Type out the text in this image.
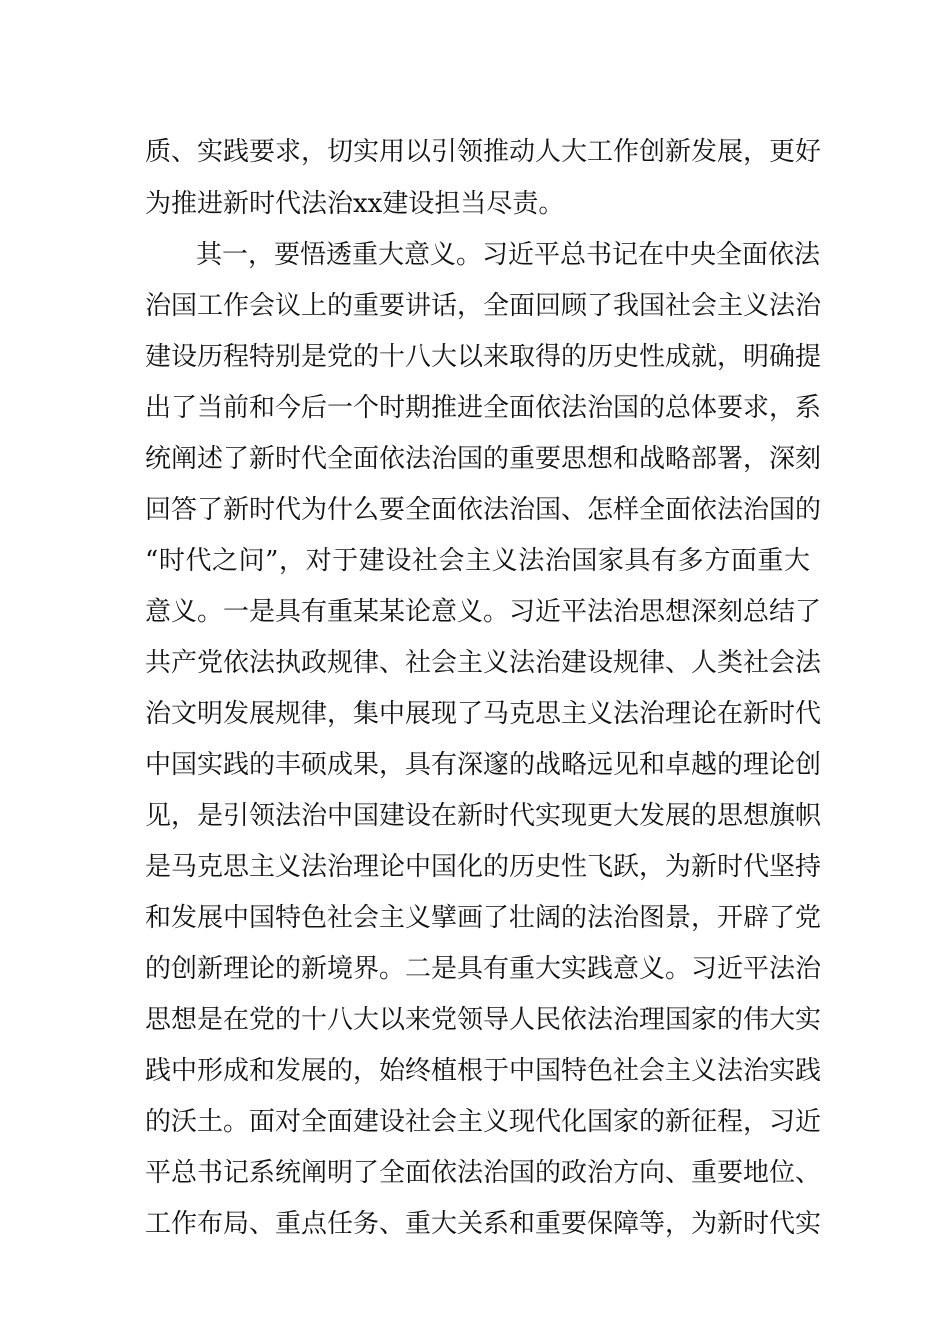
质、实践要求，切实用以引领推动人大工作创新发展，更好
为推进新时代法治xx建设担当尽责。
其一，要悟透重大意义。习近平总书记在中央全面依法
治国工作会议上的重要讲话，全面回顾了我国社会主义法治
建设历程特别是党的十八大以来取得的历史性成就，明确提
出了当前和今后一个时期推进全面依法治国的总体要求，系
统阐述了新时代全面依法治国的重要思想和战略部署，深刻
回答了新时代为什么要全面依法治国、怎样全面依法治国的
“时代之问”，对于建设社会主义法治国家具有多方面重大
意义。一是具有重某某论意义。习近平法治思想深刻总结了
共产党依法执政规律、社会主义法治建设规律、人类社会法
治文明发展规律，集中展现了马克思主义法治理论在新时代
中国实践的丰硕成果，具有深邃的战略远见和卓越的理论创
见，是引领法治中国建设在新时代实现更大发展的思想旗帜
是马克思主义法治理论中国化的历史性飞跃，为新时代坚持
和发展中国特色社会主义擘画了壮阔的法治图景，开辟了党
的创新理论的新境界。二是具有重大实践意义。习近平法治
思想是在党的十八大以来党领导人民依法治理国家的伟大实
践中形成和发展的，始终植根于中国特色社会主义法治实践
的沃土。面对全面建设社会主义现代化国家的新征程，习近
平总书记系统阐明了全面依法治国的政治方向、重要地位、
工作布局、重点任务、重大关系和重要保障等，为新时代实
